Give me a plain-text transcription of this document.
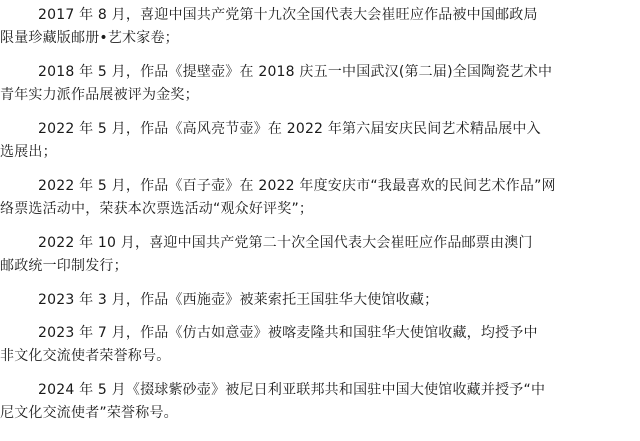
2017 年 8 月，喜迎中国共产党第十九次全国代表大会崔旺应作品被中国邮政局
限量珍藏版邮册•艺术家卷；

2018 年 5 月，作品《提壁壶》在 2018 庆五一中国武汉(第二届)全国陶瓷艺术中
青年实力派作品展被评为金奖；

2022 年 5 月，作品《高风亮节壶》在 2022 年第六届安庆民间艺术精品展中入
选展出；

2022 年 5 月，作品《百子壶》在 2022 年度安庆市“我最喜欢的民间艺术作品”网
络票选活动中，荣获本次票选活动“观众好评奖”；

2022 年 10 月，喜迎中国共产党第二十次全国代表大会崔旺应作品邮票由澳门
邮政统一印制发行；

2023 年 3 月，作品《西施壶》被莱索托王国驻华大使馆收藏；

2023 年 7 月，作品《仿古如意壶》被喀麦隆共和国驻华大使馆收藏，均授予中
非文化交流使者荣誉称号。

2024 年 5 月《掇球紫砂壶》被尼日利亚联邦共和国驻中国大使馆收藏并授予“中
尼文化交流使者”荣誉称号。
